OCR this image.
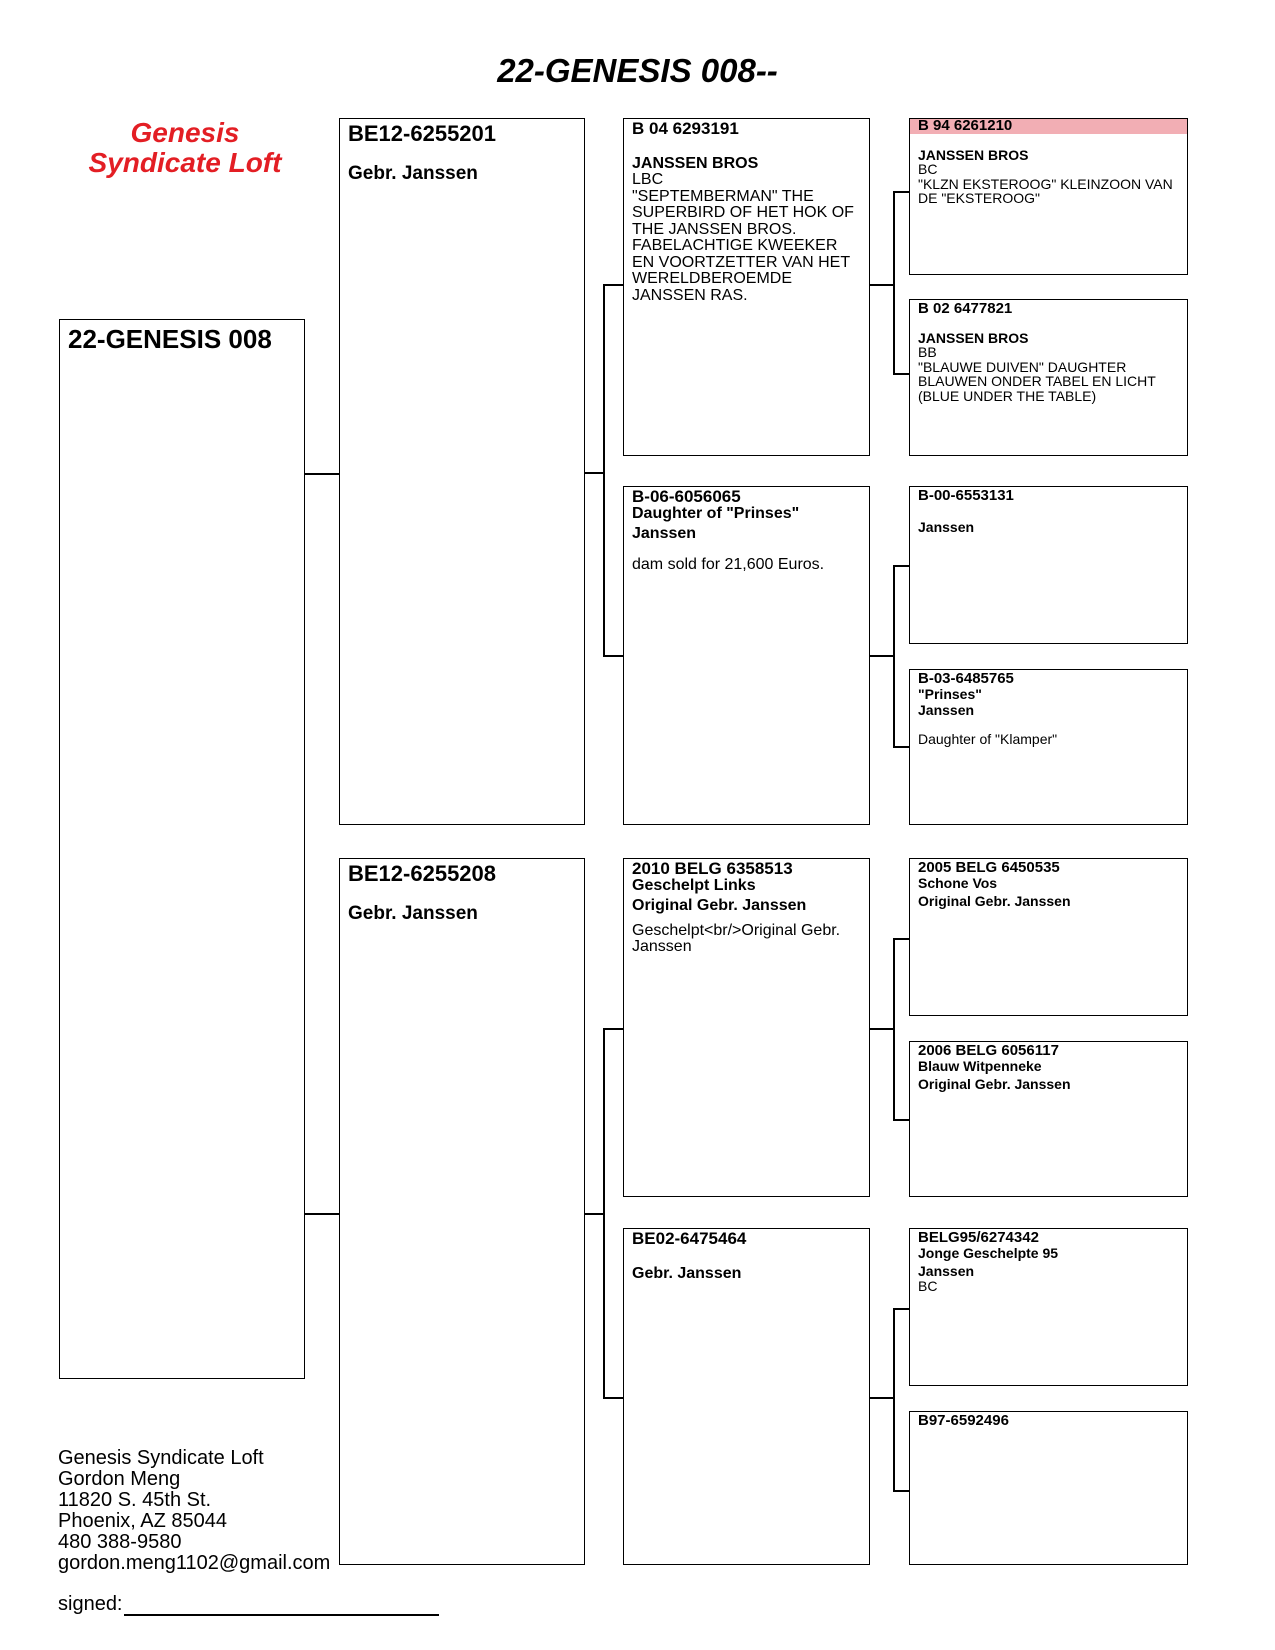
22-GENESIS 008--
Genesis
Syndicate Loft
22-GENESIS 008
BE12-6255201
Gebr. Janssen
BE12-6255208
Gebr. Janssen
B 04 6293191
JANSSEN BROS
LBC
"SEPTEMBERMAN" THE SUPERBIRD OF HET HOK OF THE JANSSEN BROS. FABELACHTIGE KWEEKER EN VOORTZETTER VAN HET WERELDBEROEMDE JANSSEN RAS.
B-06-6056065
Daughter of "Prinses"
Janssen
dam sold for 21,600 Euros.
2010 BELG 6358513
Geschelpt Links
Original Gebr. Janssen
Geschelpt<br/>Original Gebr. Janssen
BE02-6475464
Gebr. Janssen
B 94 6261210
JANSSEN BROS
BC
"KLZN EKSTEROOG" KLEINZOON VAN DE "EKSTEROOG"
B 02 6477821
JANSSEN BROS
BB
"BLAUWE DUIVEN" DAUGHTER BLAUWEN ONDER TABEL EN LICHT (BLUE UNDER THE TABLE)
B-00-6553131
Janssen
B-03-6485765
"Prinses"
Janssen
Daughter of "Klamper"
2005 BELG 6450535
Schone Vos
Original Gebr. Janssen
2006 BELG 6056117
Blauw Witpenneke
Original Gebr. Janssen
BELG95/6274342
Jonge Geschelpte 95
Janssen
BC
B97-6592496
Genesis Syndicate Loft
Gordon Meng
11820 S. 45th St.
Phoenix, AZ 85044
480 388-9580
gordon.meng1102@gmail.com
signed:
